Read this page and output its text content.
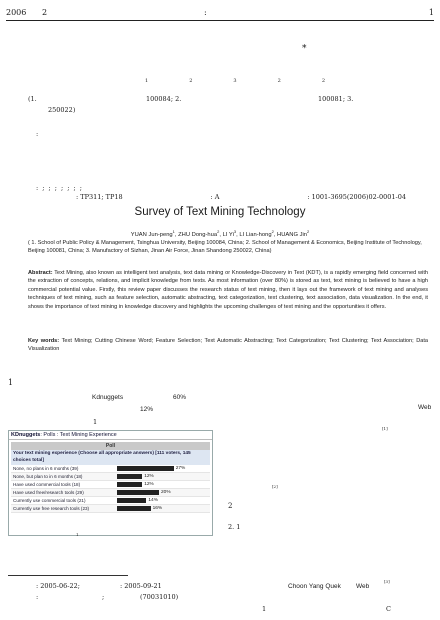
2006 2	:	1
*
1	2	3	2	2
(1.	100084; 2.	100081; 3.
250022)
:
: ; ; ; ; ; ; ;
: TP311; TP18	: A	: 1001-3695(2006)02-0001-04
Survey of Text Mining Technology
YUAN Jun-peng$^1$, ZHU Dong-hua$^2$, LI Yi$^3$, LI Lian-hong$^2$, HUANG Jin$^2$
( 1. School of Public Policy & Management, Tsinghua University, Beijing 100084, China; 2. School of Management & Economics, Beijing Institute of Technology, Beijing 100081, China; 3. Manufactory of Sizhan, Jinan Air Force, Jinan Shandong 250022, China)
Abstract: Text Mining, also known as intelligent text analysis, text data mining or Knowledge-Discovery in Text (KDT), is a rapidly emerging field concerned with the extraction of concepts, relations, and implicit knowledge from texts. As most information (over 80%) is stored as text, text mining is believed to have a high commercial potential value. Firstly, this review paper discusses the research status of text mining, then it lays out the framework of text mining and analyses techniques of text mining, such as feature selection, automatic abstracting, text categorization, text clustering, text association, data visualization. In the end, it shows the importance of text mining in knowledge discovery and highlights the upcoming challenges of text mining and the opportunities it offers.
Key words: Text Mining; Cutting Chinese Word; Feature Selection; Text Automatic Abstracting; Text Categorization; Text Clustering; Text Association; Data Visualization
1
Kdnuggets	60%
12%
1
KDnuggets: Polls : Text Mining Experience
Poll
Your text mining experience (Choose all appropriate answers) [111 voters, 145 choices total]
None, no plans in 6 months (39)	27%
None, but plan to in 6 months (18)	12%
Have used commercial tools (18)	12%
Have used free/research tools (29)	20%
Currently use commercial tools (21)	14%
Currently use free research tools (23)	16%
Web
[1]
[2]
2
2. 1
1
: 2005-06-22;	: 2005-09-21
:	;	(70031010)
Choon Yang Quek Web
[3]
1	C
